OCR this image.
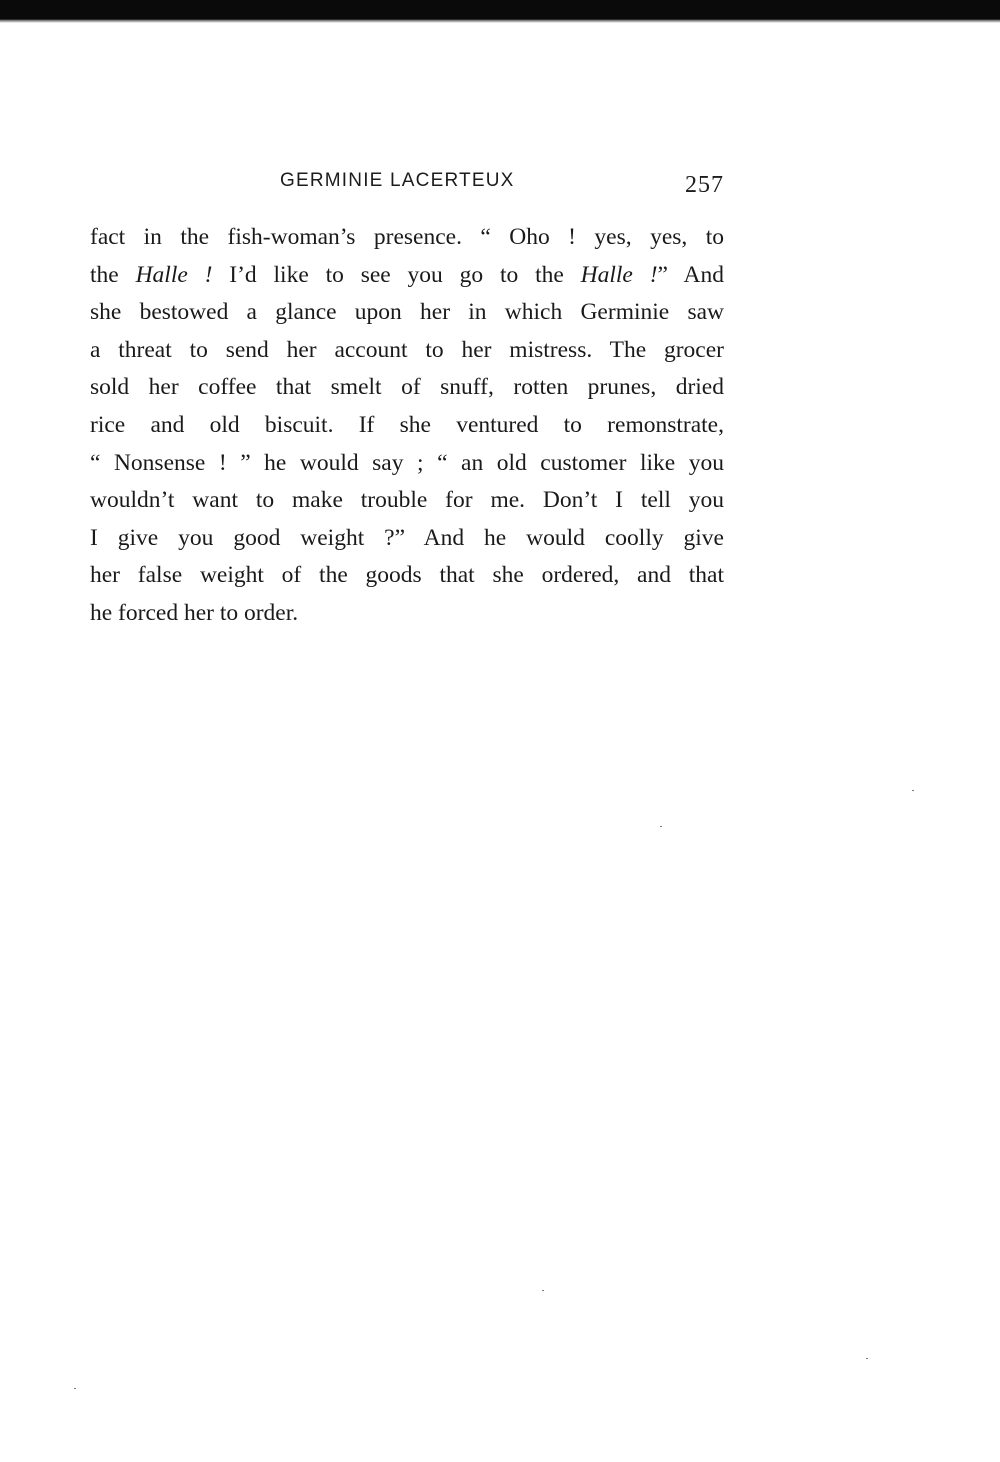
GERMINIE LACERTEUX	257
fact in the fish-woman’s presence. “ Oho ! yes, yes, to
the Halle ! I’d like to see you go to the Halle !” And
she bestowed a glance upon her in which Germinie saw
a threat to send her account to her mistress. The grocer
sold her coffee that smelt of snuff, rotten prunes, dried
rice and old biscuit. If she ventured to remonstrate,
“ Nonsense ! ” he would say ; “ an old customer like you
wouldn’t want to make trouble for me. Don’t I tell you
I give you good weight ?” And he would coolly give
her false weight of the goods that she ordered, and that
he forced her to order.
